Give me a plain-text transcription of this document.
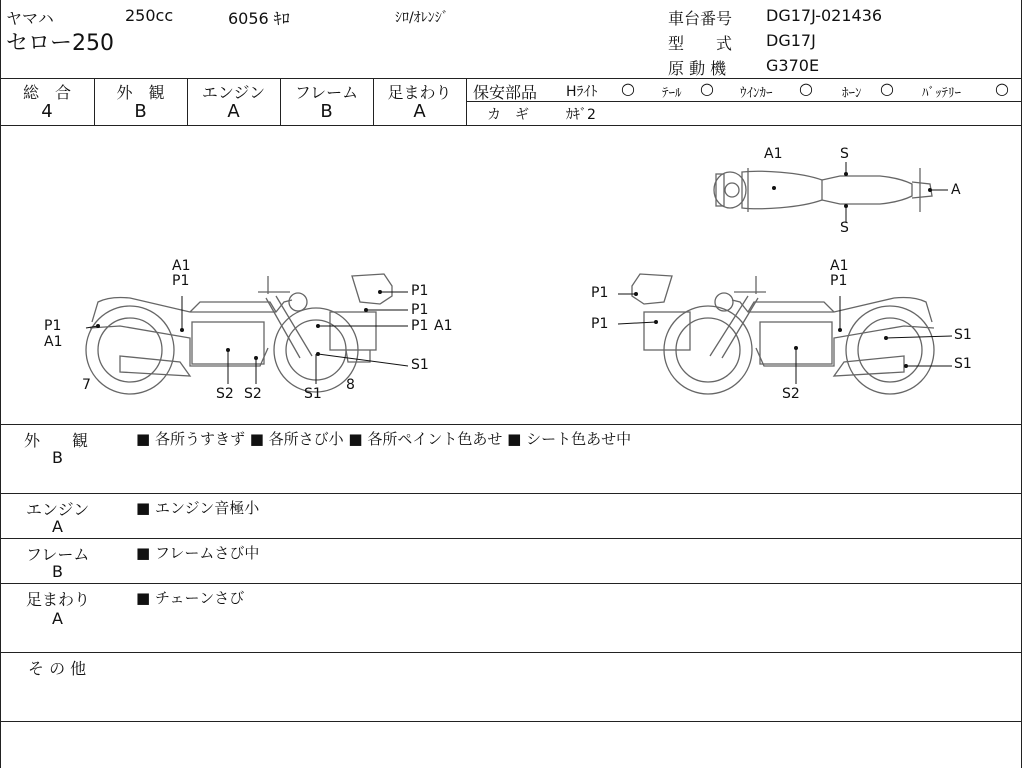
ヤマハ	250cc	6056 ｷﾛ	ｼﾛ/ｵﾚﾝｼﾞ
セロー250
車台番号 DG17J-021436
型　　式 DG17J
原 動 機 G370E
総　合
4
外　観
B
エンジン
A
フレーム
B
足まわり
A
保安部品 Hﾗｲﾄ ○ ﾃｰﾙ ○ ｳｲﾝｶｰ ○ ﾎｰﾝ ○ ﾊﾞｯﾃﾘｰ ○
カ　ギ	ｶｷﾞ2
A1	S
A
S
A1
P1
P1
A1
7
S2 S2	S1
8
P1
P1
P1 A1
S1
A1
P1
P1
P1
S1
S1
S2
外　　観
B
■ 各所うすきず ■ 各所さび小 ■ 各所ペイント色あせ ■ シート色あせ中
エンジン
A
■ エンジン音極小
フレーム
B
■ フレームさび中
足まわり
A
■ チェーンさび
そ の 他
